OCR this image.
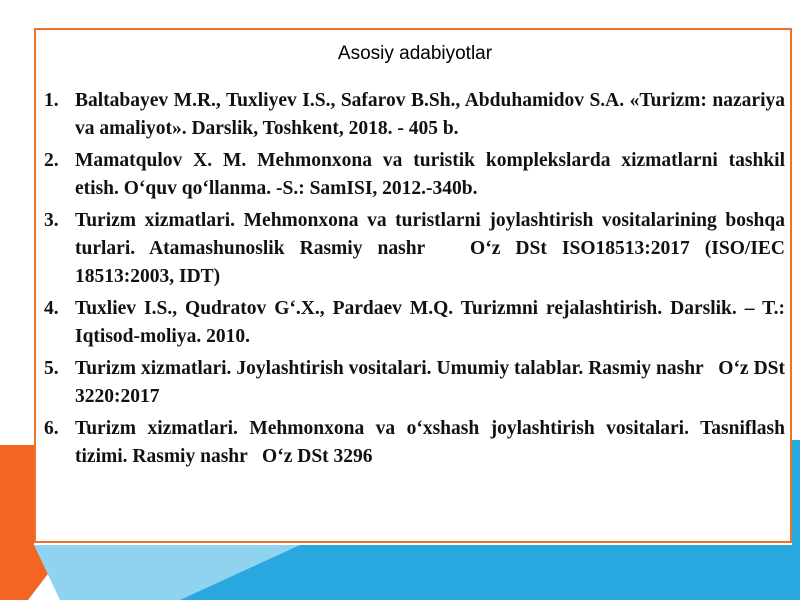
Asosiy adabiyotlar
1. Baltabayev M.R., Tuxliyev I.S., Safarov B.Sh., Abduhamidov S.A. «Turizm: nazariya va amaliyot». Darslik, Toshkent, 2018. - 405 b.
2. Mamatqulov X. M. Mehmonxona va turistik komplekslarda xizmatlarni tashkil etish. O‘quv qo‘llanma. -S.: SamISI, 2012.-340b.
3. Turizm xizmatlari. Mehmonxona va turistlarni joylashtirish vositalarining boshqa turlari. Atamashunoslik Rasmiy nashr   O‘z DSt ISO18513:2017 (ISO/IEC 18513:2003, IDT)
4. Tuxliev I.S., Qudratov G‘.X., Pardaev M.Q. Turizmni rejalashtirish. Darslik. – T.: Iqtisod-moliya. 2010.
5. Turizm xizmatlari. Joylashtirish vositalari. Umumiy talablar. Rasmiy nashr   O‘z DSt 3220:2017
6. Turizm xizmatlari. Mehmonxona va o‘xshash joylashtirish vositalari. Tasniflash tizimi. Rasmiy nashr   O‘z DSt 3296
